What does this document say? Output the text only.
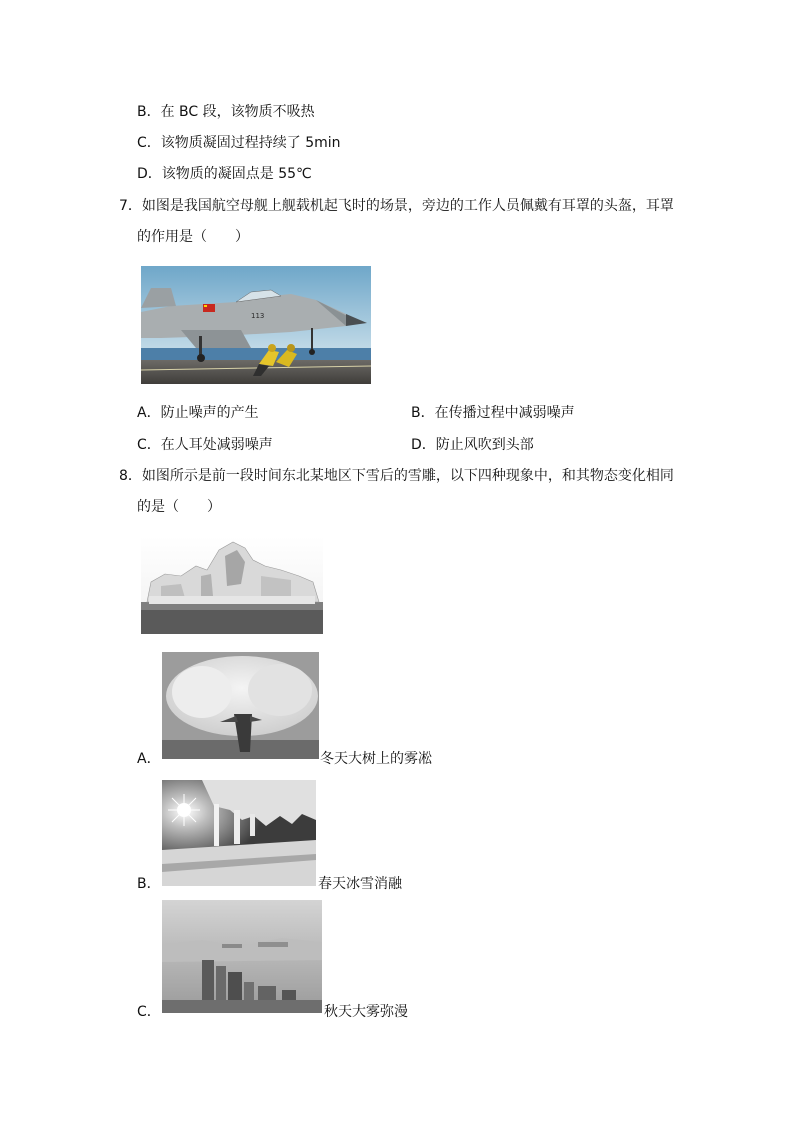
B．在 BC 段，该物质不吸热
C．该物质凝固过程持续了 5min
D．该物质的凝固点是 55℃
7．如图是我国航空母舰上舰载机起飞时的场景，旁边的工作人员佩戴有耳罩的头盔，耳罩
的作用是（　　）
113
A．防止噪声的产生	B．在传播过程中减弱噪声
C．在人耳处减弱噪声	D．防止风吹到头部
8．如图所示是前一段时间东北某地区下雪后的雪雕，以下四种现象中，和其物态变化相同
的是（　　）
A．	冬天大树上的雾凇
B．	春天冰雪消融
C．	秋天大雾弥漫
